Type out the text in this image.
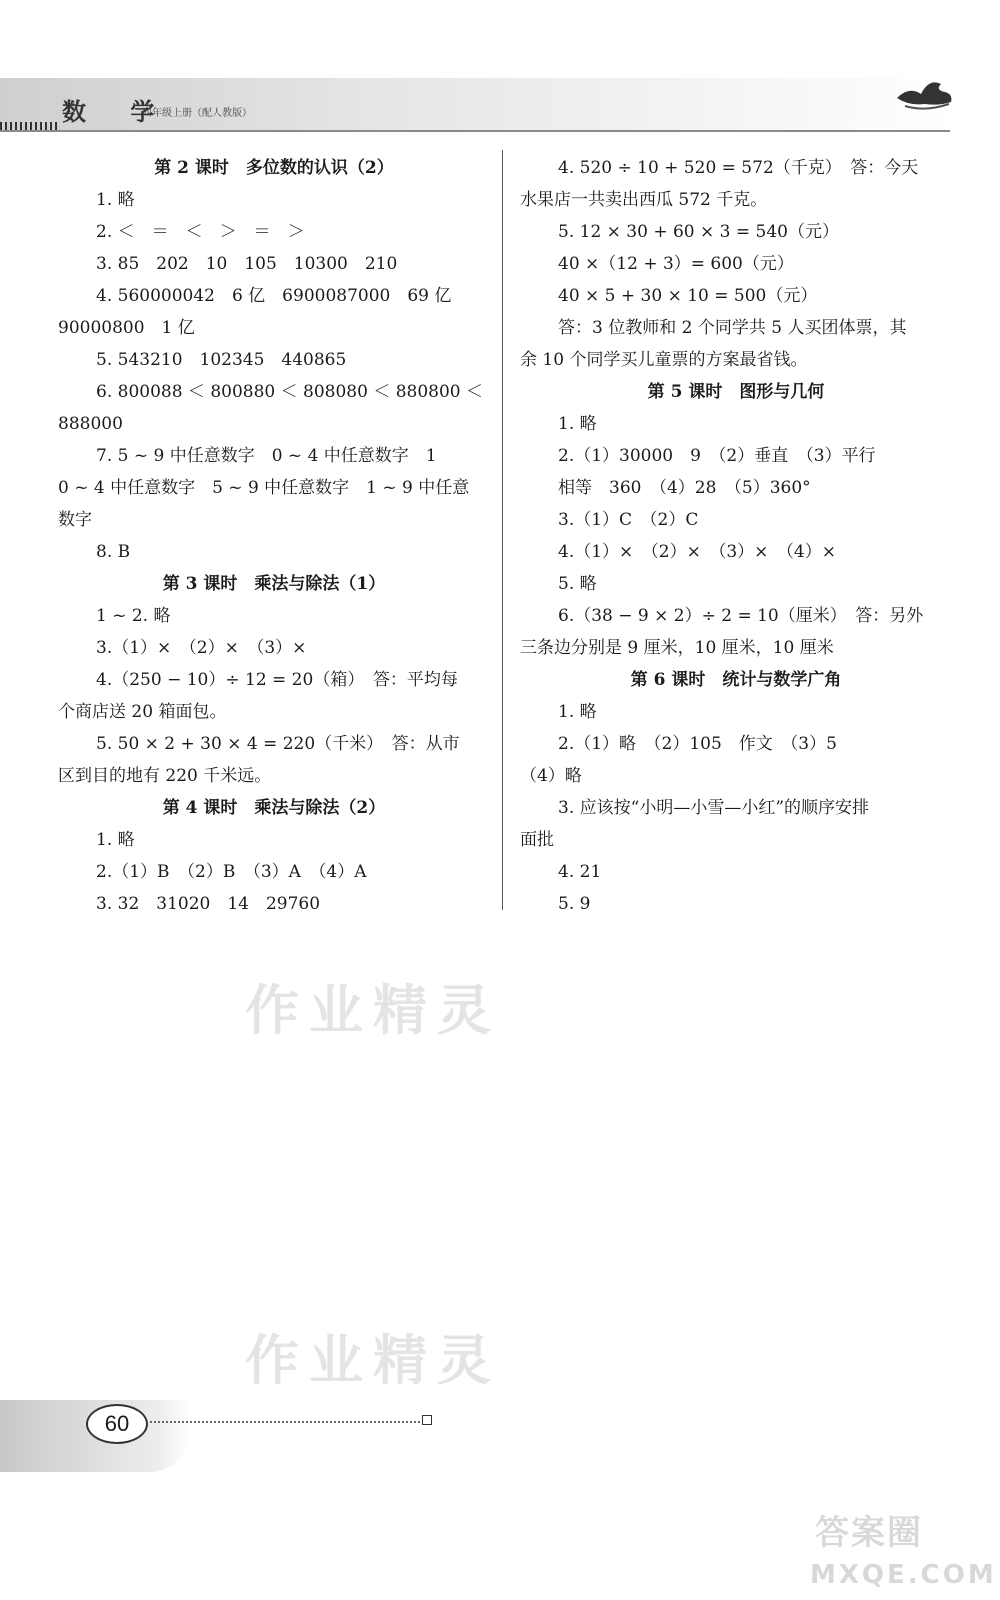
数 学
四年级上册（配人教版）
作业精灵
作业精灵
第 2 课时　多位数的认识（2）
1. 略
2. ＜　＝　＜　＞　＝　＞
3. 85　202　10　105　10300　210
4. 560000042　6 亿　6900087000　69 亿
90000800　1 亿
5. 543210　102345　440865
6. 800088 ＜ 800880 ＜ 808080 ＜ 880800 ＜
888000
7. 5 ~ 9 中任意数字　0 ~ 4 中任意数字　1
0 ~ 4 中任意数字　5 ~ 9 中任意数字　1 ~ 9 中任意
数字
8. B
第 3 课时　乘法与除法（1）
1 ~ 2. 略
3.（1）×　（2）×　（3）×
4.（250 − 10）÷ 12 = 20（箱）　答：平均每
个商店送 20 箱面包。
5. 50 × 2 + 30 × 4 = 220（千米）　答：从市
区到目的地有 220 千米远。
第 4 课时　乘法与除法（2）
1. 略
2.（1）B　（2）B　（3）A　（4）A
3. 32　31020　14　29760
4. 520 ÷ 10 + 520 = 572（千克）　答：今天
水果店一共卖出西瓜 572 千克。
5. 12 × 30 + 60 × 3 = 540（元）
40 ×（12 + 3）= 600（元）
40 × 5 + 30 × 10 = 500（元）
答：3 位教师和 2 个同学共 5 人买团体票，其
余 10 个同学买儿童票的方案最省钱。
第 5 课时　图形与几何
1. 略
2.（1）30000　9　（2）垂直　（3）平行
相等　360　（4）28　（5）360°
3.（1）C　（2）C
4.（1）×　（2）×　（3）×　（4）×
5. 略
6.（38 − 9 × 2）÷ 2 = 10（厘米）　答：另外
三条边分别是 9 厘米，10 厘米，10 厘米
第 6 课时　统计与数学广角
1. 略
2.（1）略　（2）105　作文　（3）5
（4）略
3. 应该按“小明—小雪—小红”的顺序安排
面批
4. 21
5. 9
60
答案圈
MXQE.COM
